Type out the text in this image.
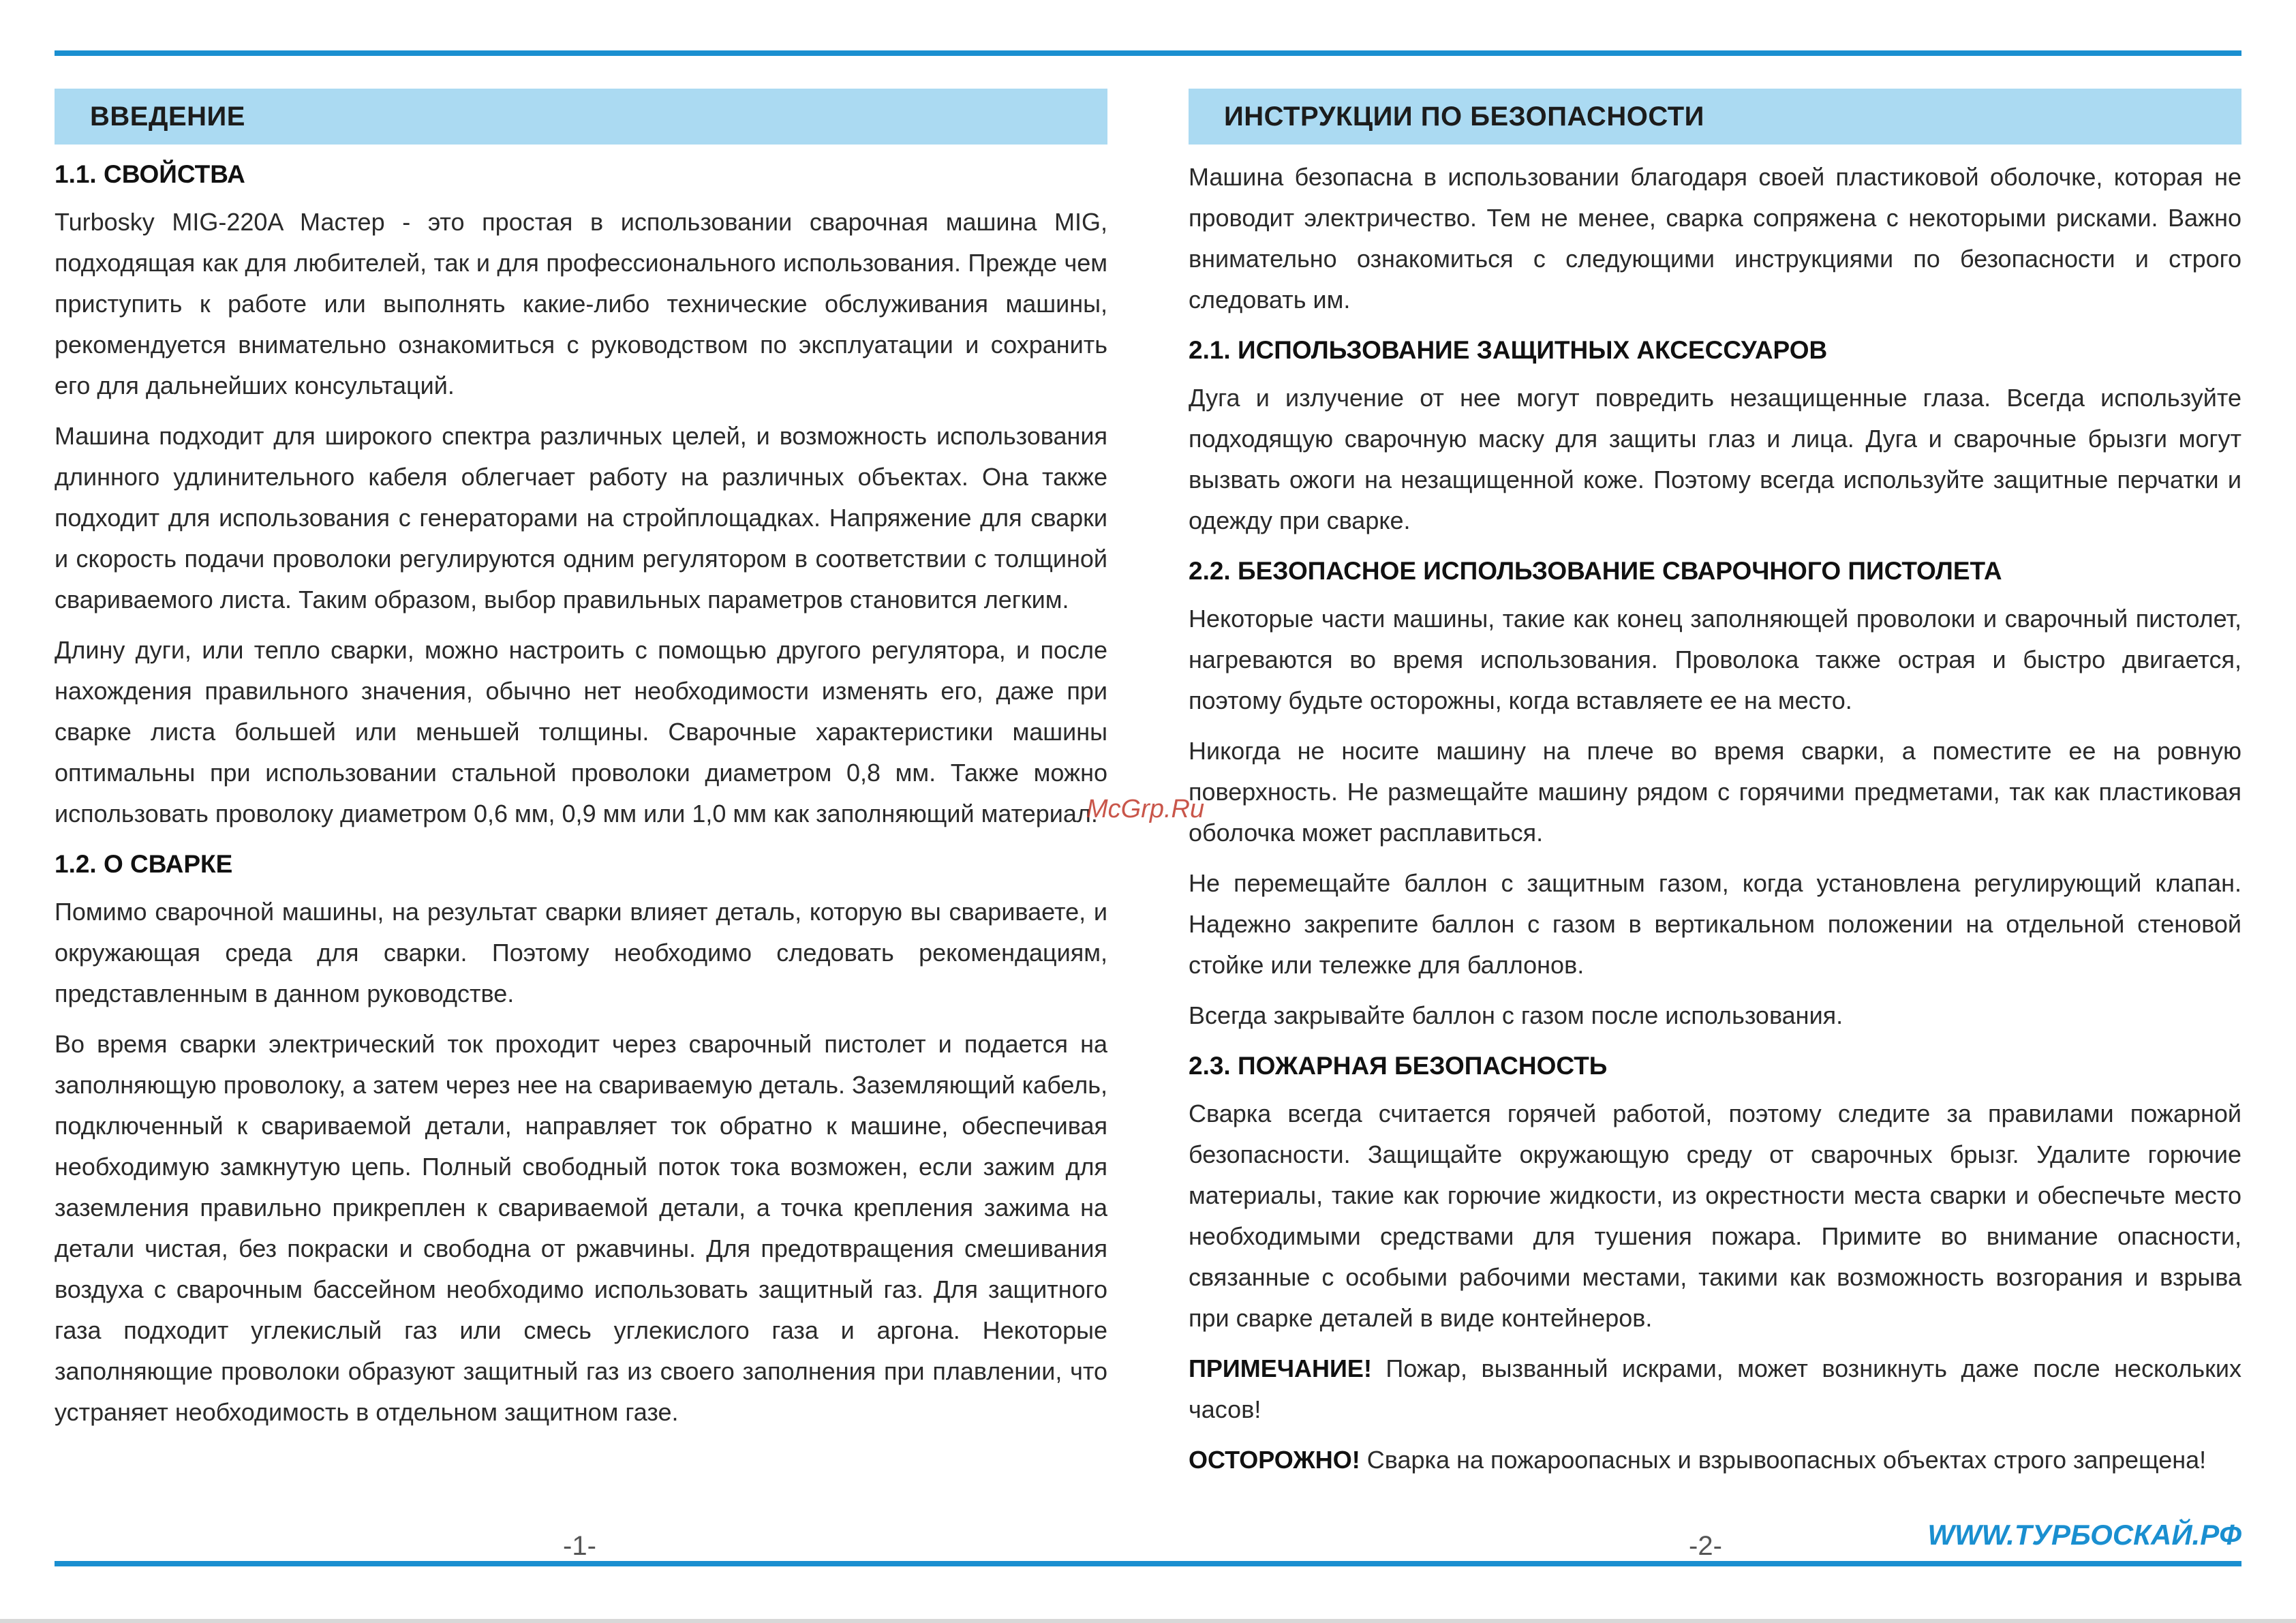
ВВЕДЕНИЕ
1.1. СВОЙСТВА

Turbosky MIG-220A Мастер - это простая в использовании сварочная машина MIG, подходящая как для любителей, так и для профессионального использования. Прежде чем приступить к работе или выполнять какие-либо технические обслуживания машины, рекомендуется внимательно ознакомиться с руководством по эксплуатации и сохранить его для дальнейших консультаций.

Машина подходит для широкого спектра различных целей, и возможность использования длинного удлинительного кабеля облегчает работу на различных объектах. Она также подходит для использования с генераторами на стройплощадках. Напряжение для сварки и скорость подачи проволоки регулируются одним регулятором в соответствии с толщиной свариваемого листа. Таким образом, выбор правильных параметров становится легким.

Длину дуги, или тепло сварки, можно настроить с помощью другого регулятора, и после нахождения правильного значения, обычно нет необходимости изменять его, даже при сварке листа большей или меньшей толщины. Сварочные характеристики машины оптимальны при использовании стальной проволоки диаметром 0,8 мм. Также можно использовать проволоку диаметром 0,6 мм, 0,9 мм или 1,0 мм как заполняющий материал.

1.2. О СВАРКЕ

Помимо сварочной машины, на результат сварки влияет деталь, которую вы свариваете, и окружающая среда для сварки. Поэтому необходимо следовать рекомендациям, представленным в данном руководстве.

Во время сварки электрический ток проходит через сварочный пистолет и подается на заполняющую проволоку, а затем через нее на свариваемую деталь. Заземляющий кабель, подключенный к свариваемой детали, направляет ток обратно к машине, обеспечивая необходимую замкнутую цепь. Полный свободный поток тока возможен, если зажим для заземления правильно прикреплен к свариваемой детали, а точка крепления зажима на детали чистая, без покраски и свободна от ржавчины. Для предотвращения смешивания воздуха с сварочным бассейном необходимо использовать защитный газ. Для защитного газа подходит углекислый газ или смесь углекислого газа и аргона. Некоторые заполняющие проволоки образуют защитный газ из своего заполнения при плавлении, что устраняет необходимость в отдельном защитном газе.

ИНСТРУКЦИИ ПО БЕЗОПАСНОСТИ

Машина безопасна в использовании благодаря своей пластиковой оболочке, которая не проводит электричество. Тем не менее, сварка сопряжена с некоторыми рисками. Важно внимательно ознакомиться с следующими инструкциями по безопасности и строго следовать им.

2.1. ИСПОЛЬЗОВАНИЕ ЗАЩИТНЫХ АКСЕССУАРОВ

Дуга и излучение от нее могут повредить незащищенные глаза. Всегда используйте подходящую сварочную маску для защиты глаз и лица. Дуга и сварочные брызги могут вызвать ожоги на незащищенной коже. Поэтому всегда используйте защитные перчатки и одежду при сварке.

2.2. БЕЗОПАСНОЕ ИСПОЛЬЗОВАНИЕ СВАРОЧНОГО ПИСТОЛЕТА

Некоторые части машины, такие как конец заполняющей проволоки и сварочный пистолет, нагреваются во время использования. Проволока также острая и быстро двигается, поэтому будьте осторожны, когда вставляете ее на место.

Никогда не носите машину на плече во время сварки, а поместите ее на ровную поверхность. Не размещайте машину рядом с горячими предметами, так как пластиковая оболочка может расплавиться.

Не перемещайте баллон с защитным газом, когда установлена регулирующий клапан. Надежно закрепите баллон с газом в вертикальном положении на отдельной стеновой стойке или тележке для баллонов.

Всегда закрывайте баллон с газом после использования.

2.3. ПОЖАРНАЯ БЕЗОПАСНОСТЬ

Сварка всегда считается горячей работой, поэтому следите за правилами пожарной безопасности. Защищайте окружающую среду от сварочных брызг. Удалите горючие материалы, такие как горючие жидкости, из окрестности места сварки и обеспечьте место необходимыми средствами для тушения пожара. Примите во внимание опасности, связанные с особыми рабочими местами, такими как возможность возгорания и взрыва при сварке деталей в виде контейнеров.

ПРИМЕЧАНИЕ! Пожар, вызванный искрами, может возникнуть даже после нескольких часов!

ОСТОРОЖНО! Сварка на пожароопасных и взрывоопасных объектах строго запрещена!

McGrp.Ru
-1-	-2-	WWW.ТУРБОСКАЙ.РФ
